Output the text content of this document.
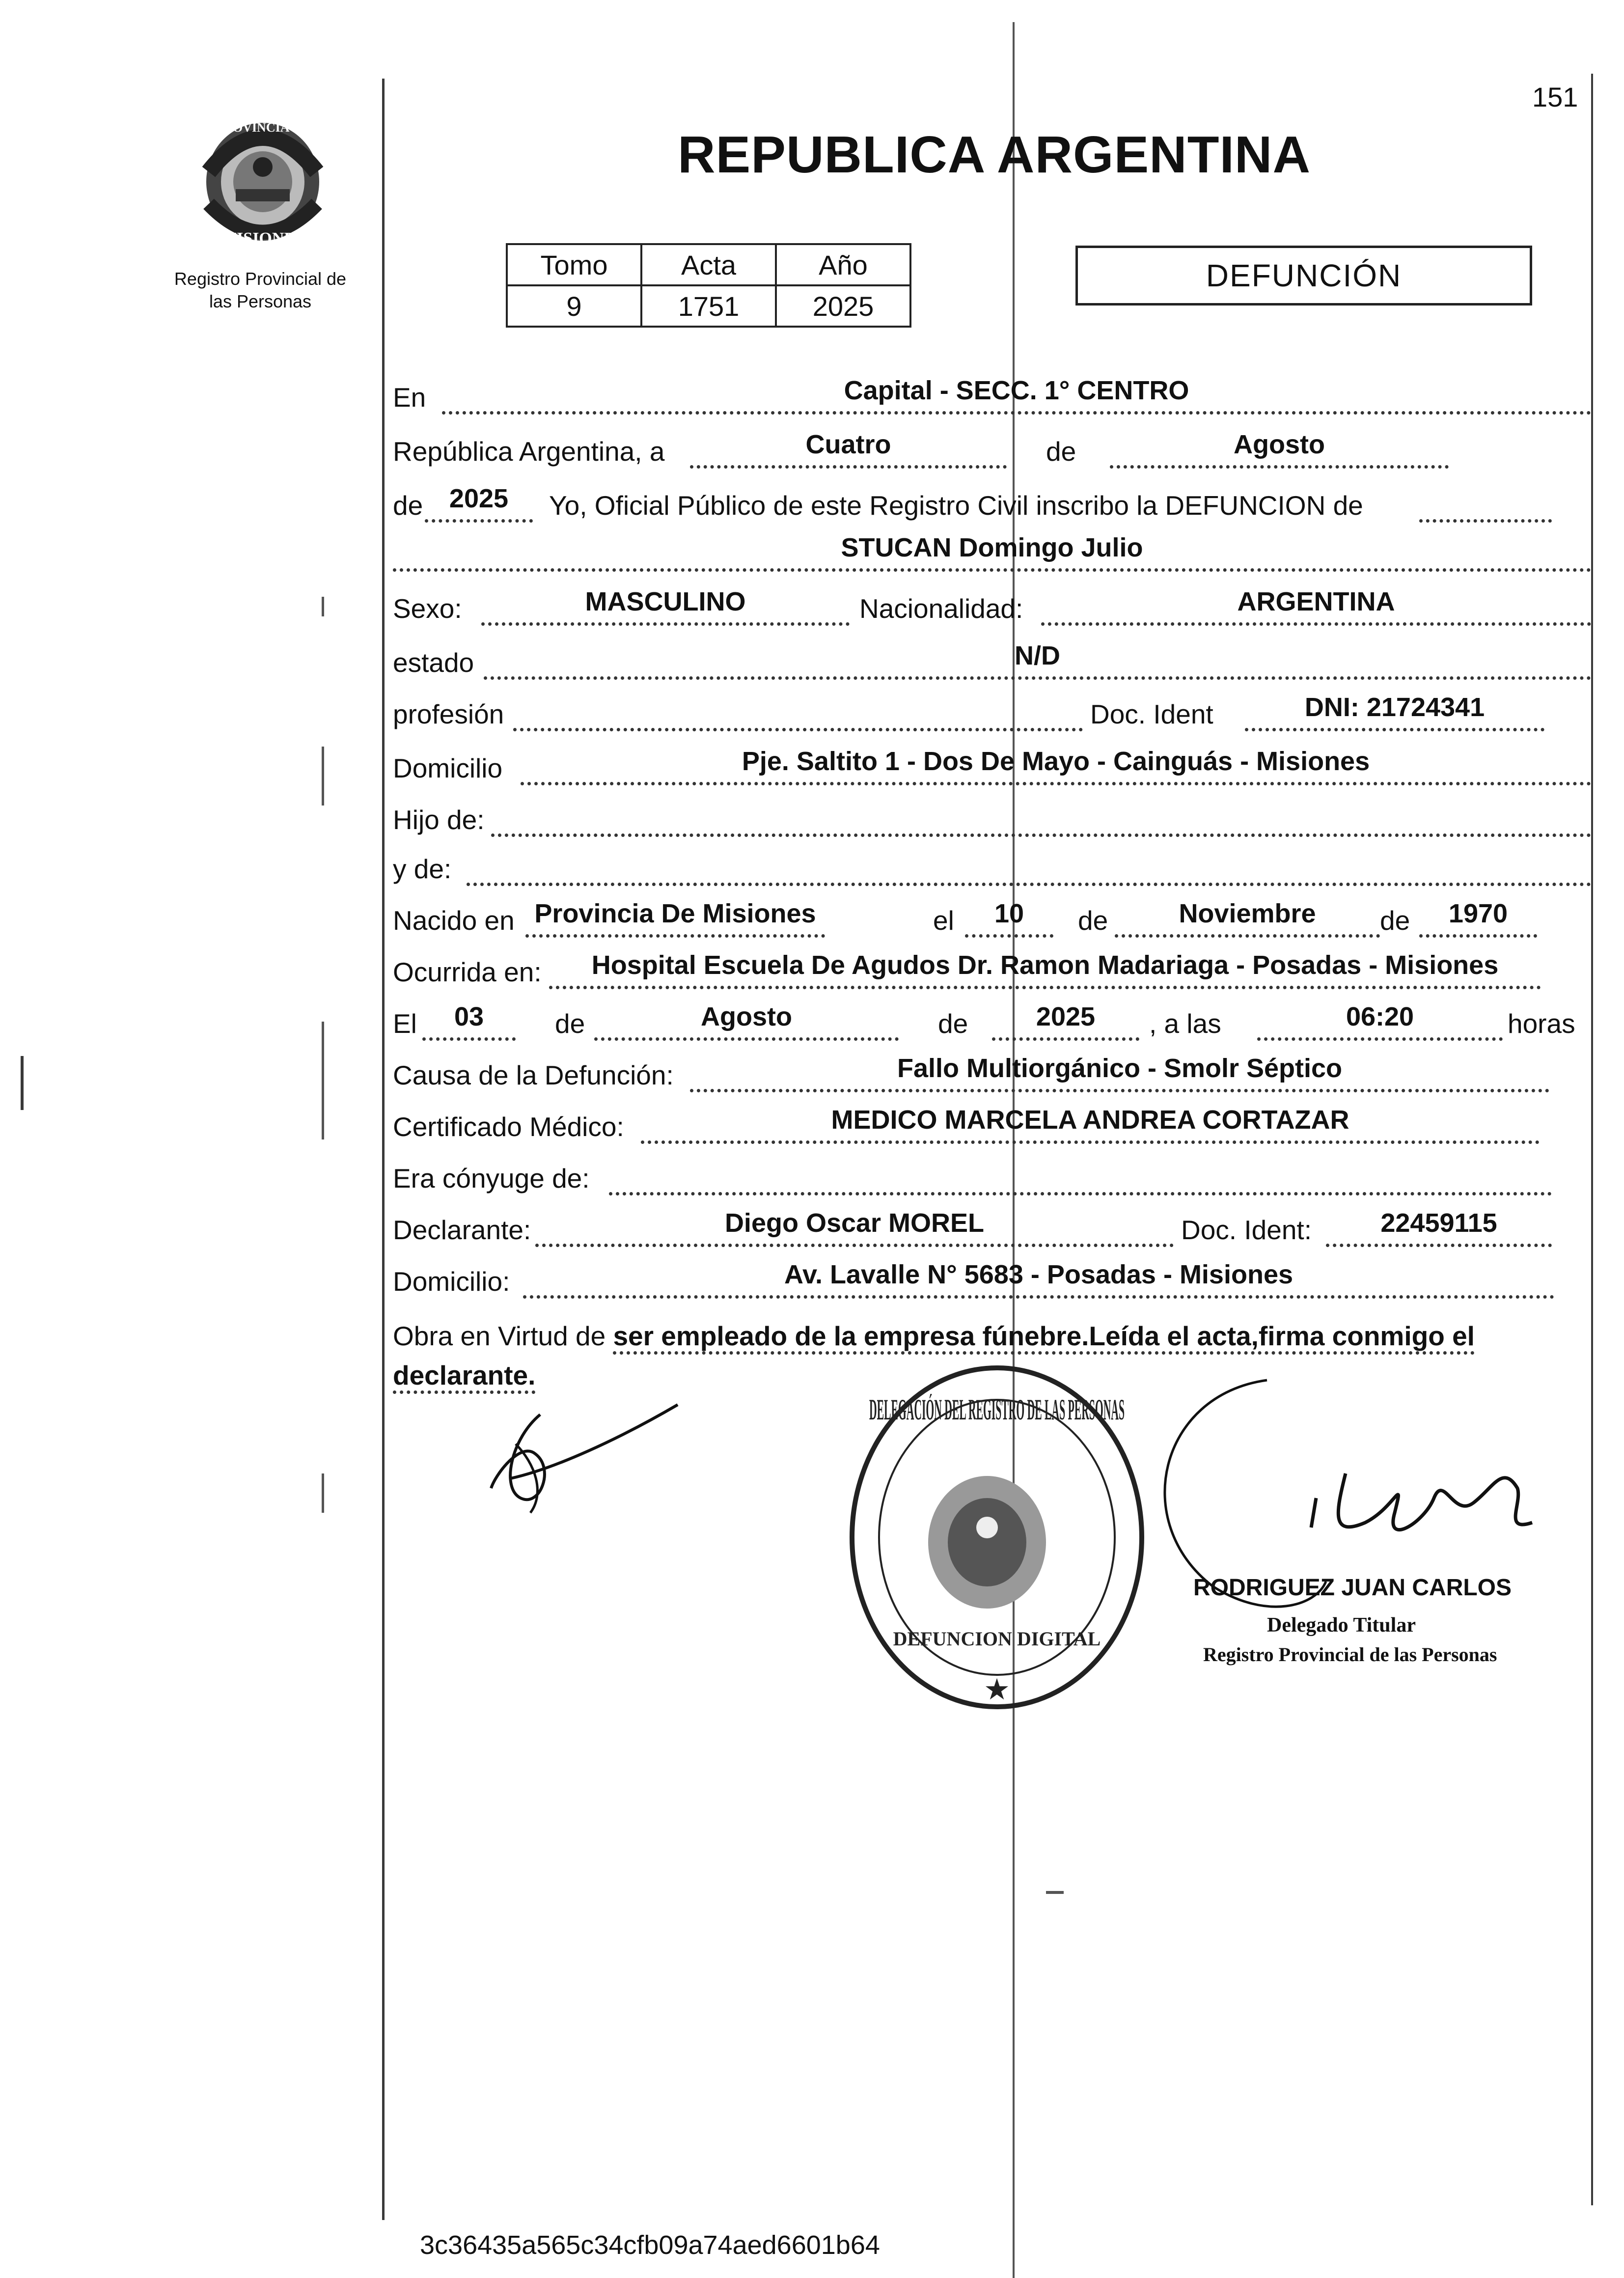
151
REPUBLICA ARGENTINA
PROVINCIA DE
MISIONES
Registro Provincial de
las Personas
Tomo	Acta	Año
9	1751	2025
DEFUNCIÓN
En	Capital - SECC. 1° CENTRO
República Argentina, a	Cuatro	de	Agosto
de 2025	Yo, Oficial Público de este Registro Civil inscribo la DEFUNCION de
STUCAN Domingo Julio
Sexo:	MASCULINO	Nacionalidad:	ARGENTINA
estado	N/D
profesión	Doc. Ident	DNI: 21724341
Domicilio	Pje. Saltito 1 - Dos De Mayo - Cainguás - Misiones
Hijo de:
y de:
Nacido en Provincia De Misiones	el	10	de	Noviembre	de	1970
Ocurrida en:	Hospital Escuela De Agudos Dr. Ramon Madariaga - Posadas - Misiones
El	03	de	Agosto	de	2025	, a las	06:20	horas
Causa de la Defunción:	Fallo Multiorgánico - Smolr Séptico
Certificado Médico:	MEDICO MARCELA ANDREA CORTAZAR
Era cónyuge de:
Declarante:	Diego Oscar MOREL	Doc. Ident:	22459115
Domicilio:	Av. Lavalle N° 5683 - Posadas - Misiones
Obra en Virtud de ser empleado de la empresa fúnebre.Leída el acta,firma conmigo el declarante.
DELEGACIÓN DEL REGISTRO DE LAS PERSONAS
DEFUNCION DIGITAL
★
RODRIGUEZ JUAN CARLOS
Delegado Titular
Registro Provincial de las Personas
3c36435a565c34cfb09a74aed6601b64
